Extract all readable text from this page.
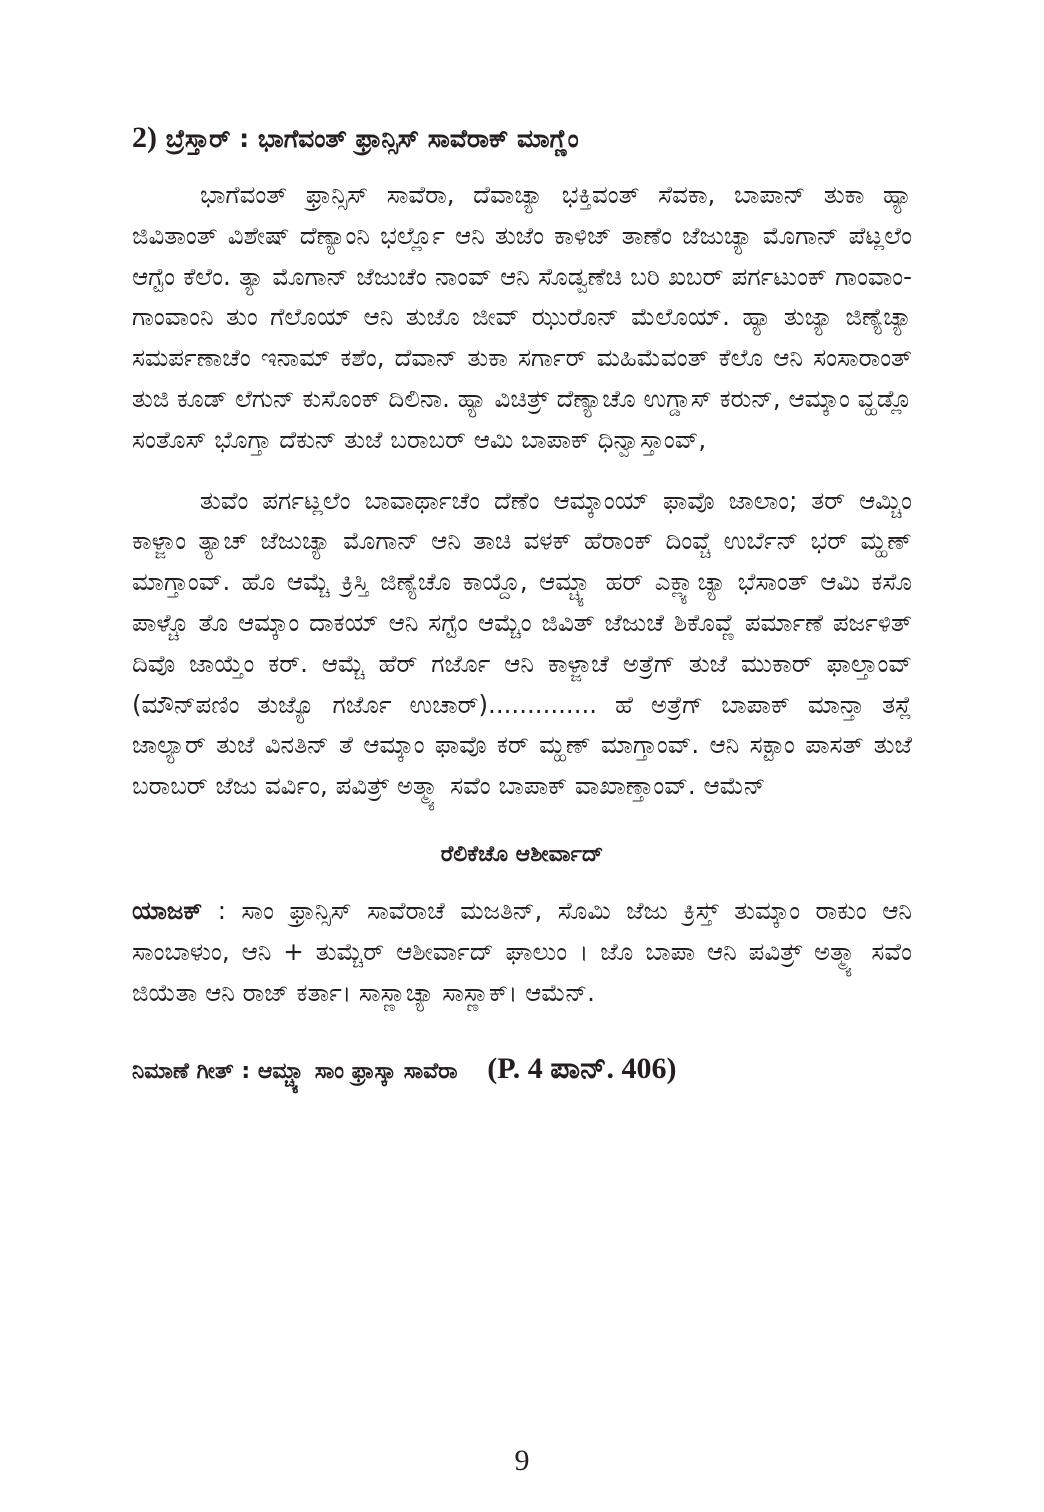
2) ಬ್ರೆಸ್ತಾರ್ : ಭಾಗೆವಂತ್ ಫ್ರಾನ್ಸಿಸ್ ಸಾವೆರಾಕ್ ಮಾಗ್ಣೆಂ

ಭಾಗೆವಂತ್ ಫ್ರಾನ್ಸಿಸ್ ಸಾವೆರಾ, ದೆವಾಚ್ಯಾ ಭಕ್ತಿವಂತ್ ಸೆವಕಾ, ಬಾಪಾನ್ ತುಕಾ ಹ್ಯಾ ಜಿವಿತಾಂತ್ ವಿಶೇಷ್ ದೆಣ್ಯಾಂನಿ ಭರ್ಲ್ಲೊ ಆನಿ ತುಜೆಂ ಕಾಳಿಜ್ ತಾಣೆಂ ಜೆಜುಚ್ಯಾ ಮೊಗಾನ್ ಪೆಟ್ಲಲೆಂ ಆಗ್ಟೆಂ ಕೆಲೆಂ. ತ್ಯಾ ಮೊಗಾನ್ ಜೆಜುಚೆಂ ನಾಂವ್ ಆನಿ ಸೊಡ್ವಣೆಚಿ ಬರಿ ಖಬರ್ ಪರ್ಗಟುಂಕ್ ಗಾಂವಾಂ-ಗಾಂವಾಂನಿ ತುಂ ಗೆಲೊಯ್ ಆನಿ ತುಜೊ ಜೀವ್ ಝುರೊನ್ ಮೆಲೊಯ್. ಹ್ಯಾ ತುಜ್ಯಾ ಜಿಣ್ಯೆಚ್ಯಾ ಸಮರ್ಪಣಾಚೆಂ ಇನಾಮ್ ಕಶೆಂ, ದೆವಾನ್ ತುಕಾ ಸರ್ಗಾರ್ ಮಹಿಮೆವಂತ್ ಕೆಲೊ ಆನಿ ಸಂಸಾರಾಂತ್ ತುಜಿ ಕೂಡ್ ಲೆಗುನ್ ಕುಸೊಂಕ್ ದಿಲಿನಾ. ಹ್ಯಾ ವಿಚಿತ್ರ್ ದೆಣ್ಯಾಚೊ ಉಗ್ಡಾಸ್ ಕರುನ್, ಆಮ್ಕಾಂ ವ್ಹಡ್ಲೊ ಸಂತೊಸ್ ಭೊಗ್ತಾ ದೆಕುನ್ ತುಜೆ ಬರಾಬರ್ ಆಮಿ ಬಾಪಾಕ್ ಧಿನ್ವಾಸ್ತಾಂವ್,

ತುವೆಂ ಪರ್ಗಟ್ಲಲೆಂ ಬಾವಾರ್ಥಾಚೆಂ ದೆಣೆಂ ಆಮ್ಕಾಂಯ್ ಫಾವೊ ಜಾಲಾಂ; ತರ್ ಆಮ್ಚಿಂ ಕಾಳ್ಜಾಂ ತ್ಯಾಚ್ ಜೆಜುಚ್ಯಾ ಮೊಗಾನ್ ಆನಿ ತಾಚಿ ವಳಕ್ ಹೆರಾಂಕ್ ದಿಂವ್ಚೆ ಉರ್ಬೆನ್ ಭರ್ ಮ್ಹಣ್ ಮಾಗ್ತಾಂವ್. ಹೊ ಆಮ್ಚೆ ಕ್ರಿಸ್ತಿ ಜಿಣ್ಯೆಚೊ ಕಾಯ್ದೊ, ಆಮ್ಚ್ಯಾ ಹರ್ ಎಕ್ಲ್ಯಾಚ್ಯಾ ಭೆಸಾಂತ್ ಆಮಿ ಕಸೊ ಪಾಳ್ಚೊ ತೊ ಆಮ್ಕಾಂ ದಾಕಯ್ ಆನಿ ಸಗ್ಟೆಂ ಆಮ್ಚೆಂ ಜಿವಿತ್ ಜೆಜುಚೆ ಶಿಕೊವ್ಣೆ ಪರ್ಮಾಣೆ ಪರ್ಜಳಿತ್ ದಿವೊ ಜಾಯ್ತೆಂ ಕರ್. ಆಮ್ಚೆ ಹೆರ್ ಗರ್ಜೊ ಆನಿ ಕಾಳ್ಜಾಚೆ ಅತ್ರೆಗ್ ತುಜೆ ಮುಕಾರ್ ಫಾಲ್ತಾಂವ್ (ಮೌನ್‌ಪಣಿಂ ತುಜ್ಯೊ ಗರ್ಜೊ ಉಚಾರ್).............. ಹೆ ಅತ್ರೆಗ್ ಬಾಪಾಕ್ ಮಾನ್ತಾ ತಸ್ಲೆ ಜಾಲ್ಯಾರ್ ತುಜೆ ವಿನತಿನ್ ತೆ ಆಮ್ಕಾಂ ಫಾವೊ ಕರ್ ಮ್ಹಣ್ ಮಾಗ್ತಾಂವ್. ಆನಿ ಸಕ್ಟಾಂ ಪಾಸತ್ ತುಜೆ ಬರಾಬರ್ ಜೆಜು ವರ್ವಿಂ, ಪವಿತ್ರ್ ಅತ್ಮ್ಯಾ ಸವೆಂ ಬಾಪಾಕ್ ವಾಖಾಣ್ತಾಂವ್. ಆಮೆನ್

ರೆಲಿಕೆಚೊ ಆಶೀರ್ವಾದ್

ಯಾಜಕ್ : ಸಾಂ ಫ್ರಾನ್ಸಿಸ್ ಸಾವೆರಾಚೆ ಮಜತಿನ್, ಸೊಮಿ ಜೆಜು ಕ್ರಿಸ್ತ್ ತುಮ್ಕಾಂ ರಾಕುಂ ಆನಿ ಸಾಂಬಾಳುಂ, ಆನಿ + ತುಮ್ಚೆರ್ ಆಶೀರ್ವಾದ್ ಘಾಲುಂ । ಜೊ ಬಾಪಾ ಆನಿ ಪವಿತ್ರ್ ಅತ್ಮ್ಯಾ ಸವೆಂ ಜಿಯೆತಾ ಆನಿ ರಾಜ್ ಕರ್ತಾ। ಸಾಸ್ಣಾಚ್ಯಾ ಸಾಸ್ಣಾಕ್। ಆಮೆನ್.

ನಿಮಾಣೆ ಗೀತ್ : ಆಮ್ಚ್ಯಾ ಸಾಂ ಫ್ರಾಸ್ಕಾ ಸಾವೆರಾ (P. 4 ಪಾನ್. 406)
9
